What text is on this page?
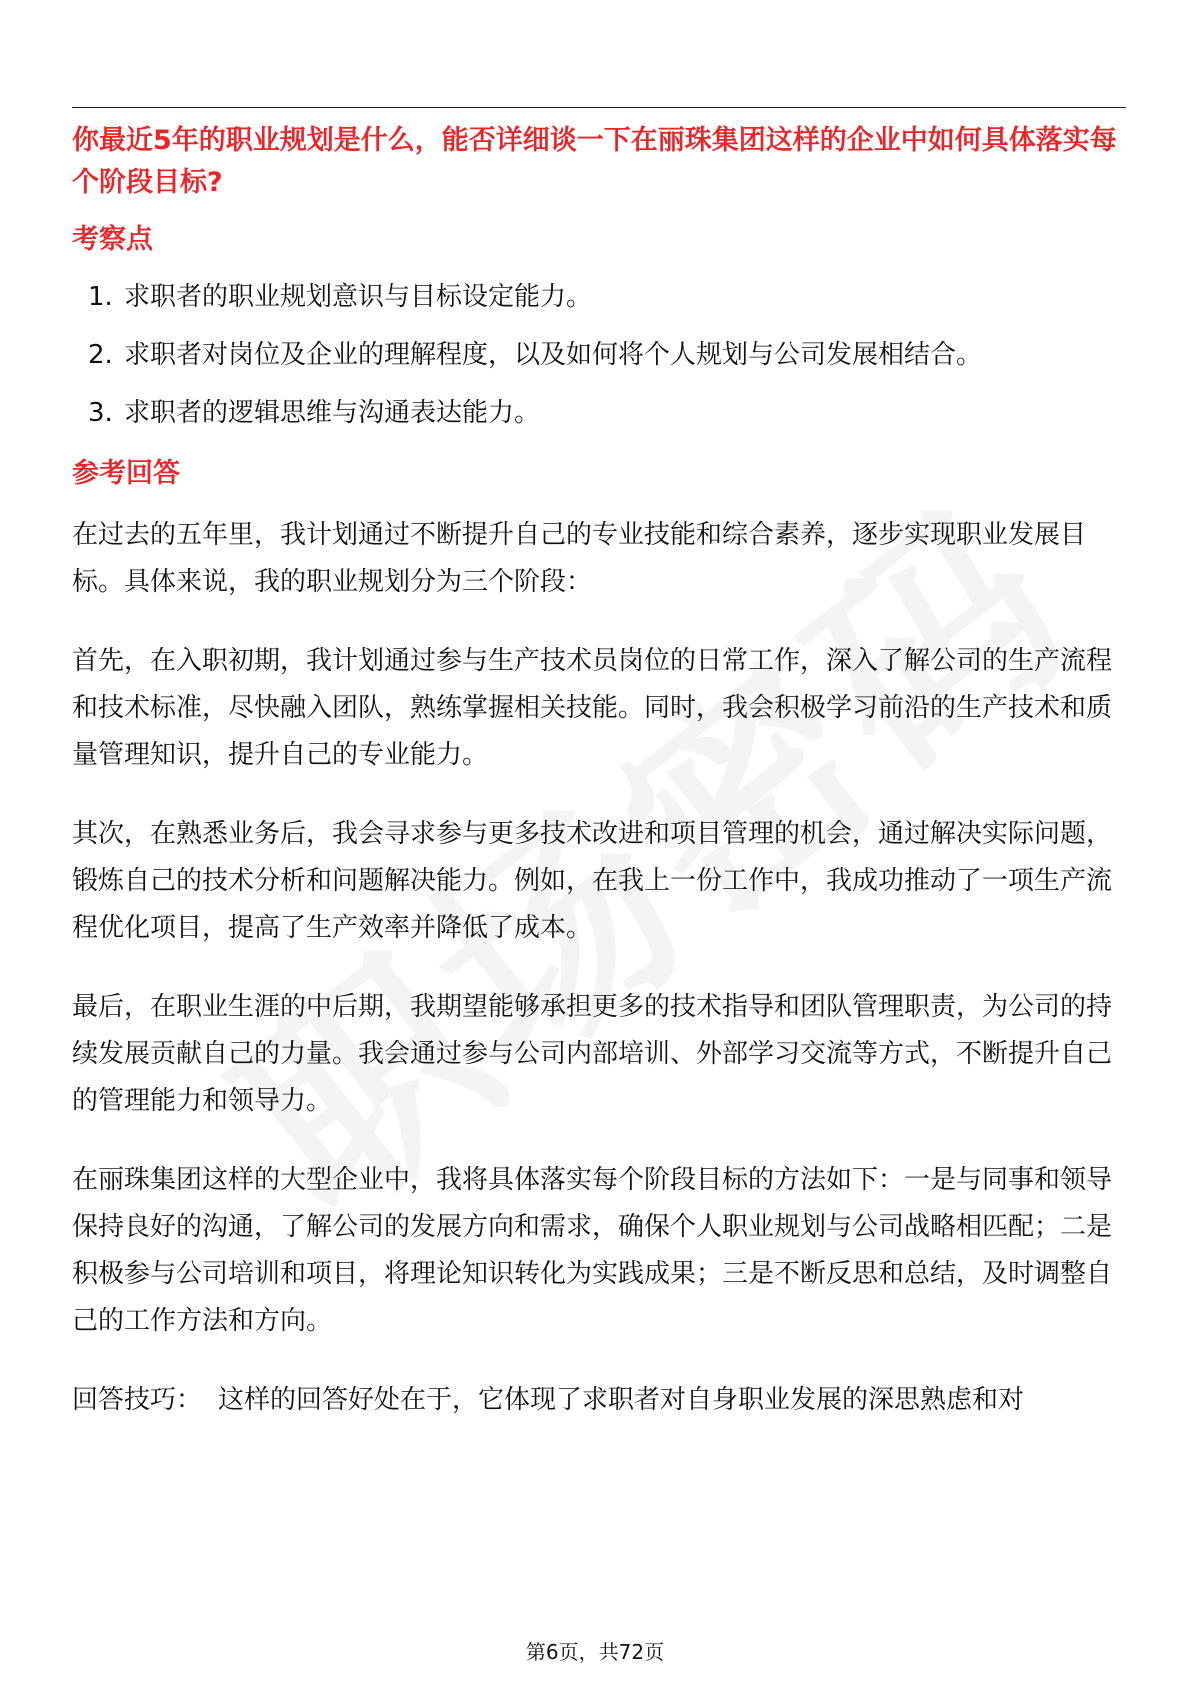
你最近5年的职业规划是什么，能否详细谈一下在丽珠集团这样的企业中如何具体落实每个阶段目标?

考察点

1. 求职者的职业规划意识与目标设定能力。
2. 求职者对岗位及企业的理解程度，以及如何将个人规划与公司发展相结合。
3. 求职者的逻辑思维与沟通表达能力。

参考回答

在过去的五年里，我计划通过不断提升自己的专业技能和综合素养，逐步实现职业发展目标。具体来说，我的职业规划分为三个阶段：

首先，在入职初期，我计划通过参与生产技术员岗位的日常工作，深入了解公司的生产流程和技术标准，尽快融入团队，熟练掌握相关技能。同时，我会积极学习前沿的生产技术和质量管理知识，提升自己的专业能力。

其次，在熟悉业务后，我会寻求参与更多技术改进和项目管理的机会，通过解决实际问题，锻炼自己的技术分析和问题解决能力。例如，在我上一份工作中，我成功推动了一项生产流程优化项目，提高了生产效率并降低了成本。

最后，在职业生涯的中后期，我期望能够承担更多的技术指导和团队管理职责，为公司的持续发展贡献自己的力量。我会通过参与公司内部培训、外部学习交流等方式，不断提升自己的管理能力和领导力。

在丽珠集团这样的大型企业中，我将具体落实每个阶段目标的方法如下：一是与同事和领导保持良好的沟通，了解公司的发展方向和需求，确保个人职业规划与公司战略相匹配；二是积极参与公司培训和项目，将理论知识转化为实践成果；三是不断反思和总结，及时调整自己的工作方法和方向。

回答技巧： 这样的回答好处在于，它体现了求职者对自身职业发展的深思熟虑和对

第6页，共72页
